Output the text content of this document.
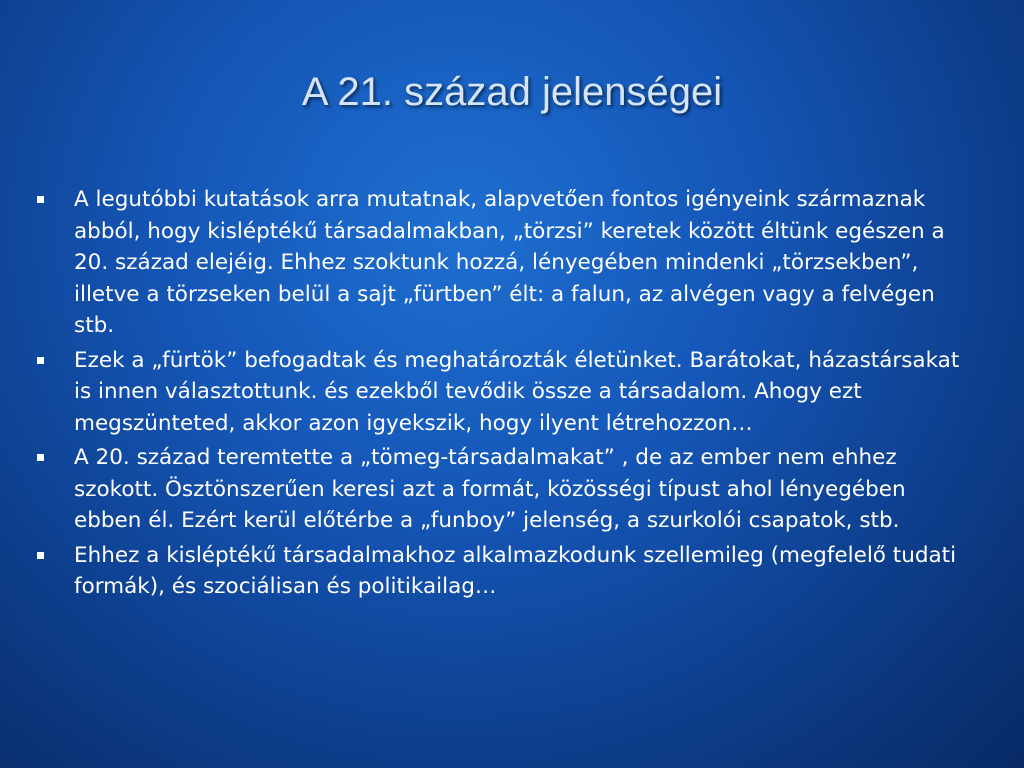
A 21. század jelenségei
A legutóbbi kutatások arra mutatnak, alapvetően fontos igényeink származnak abból, hogy kisléptékű társadalmakban, „törzsi” keretek között éltünk egészen a 20. század elejéig. Ehhez szoktunk hozzá, lényegében mindenki „törzsekben”, illetve a törzseken belül a sajt „fürtben” élt: a falun, az alvégen vagy a felvégen stb.
Ezek a „fürtök” befogadtak és meghatározták életünket. Barátokat, házastársakat is innen választottunk. és ezekből tevődik össze a társadalom. Ahogy ezt megszünteted, akkor azon igyekszik, hogy ilyent létrehozzon…
A 20. század teremtette a „tömeg-társadalmakat” , de az ember nem ehhez szokott. Ösztönszerűen keresi azt a formát, közösségi típust ahol lényegében ebben él. Ezért kerül előtérbe a „funboy” jelenség, a szurkolói csapatok, stb.
Ehhez a kisléptékű társadalmakhoz alkalmazkodunk szellemileg (megfelelő tudati formák), és szociálisan és politikailag…
